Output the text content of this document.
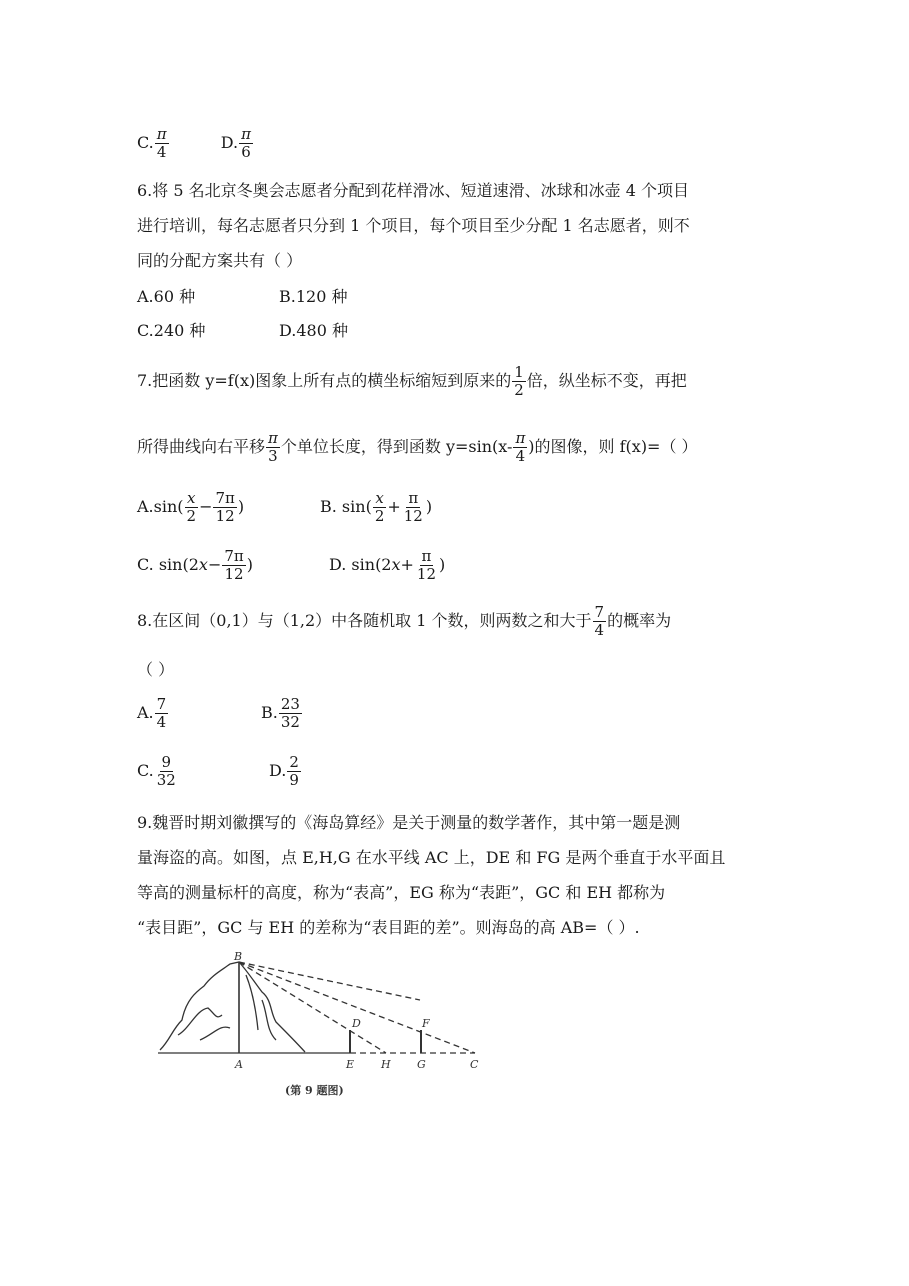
C. $\frac{\pi}{4}$	D. $\frac{\pi}{6}$
6.将 5 名北京冬奥会志愿者分配到花样滑冰、短道速滑、冰球和冰壶 4 个项目
进行培训，每名志愿者只分到 1 个项目，每个项目至少分配 1 名志愿者，则不
同的分配方案共有（ ）
A.60 种	B.120 种
C.240 种	D.480 种
7.把函数 y=f(x)图象上所有点的横坐标缩短到原来的 $\frac{1}{2}$ 倍，纵坐标不变，再把
所得曲线向右平移 $\frac{\pi}{3}$ 个单位长度，得到函数 $y=\sin(x- \frac{\pi}{4}$ )的图像，则 f(x)=（ ）
$A.\sin( \frac{x}{2} - \frac{7\pi}{12}$ )	B. $\sin( \frac{x}{2} + \frac{\pi}{12}$ )
C. $\sin(2x- \frac{7\pi}{12}$ )	D. $\sin(2x+ \frac{\pi}{12}$ )
8.在区间（0,1）与（1,2）中各随机取 1 个数，则两数之和大于 $\frac{7}{4}$ 的概率为
（ ）
A. $\frac{7}{4}$	B. $\frac{23}{32}$
C. $\frac{9}{32}$	D. $\frac{2}{9}$
9.魏晋时期刘徽撰写的《海岛算经》是关于测量的数学著作，其中第一题是测
量海盗的高。如图，点 E,H,G 在水平线 AC 上，DE 和 FG 是两个垂直于水平面且
等高的测量标杆的高度，称为“表高”，EG 称为“表距”，GC 和 EH 都称为
“表目距”，GC 与 EH 的差称为“表目距的差”。则海岛的高 AB=（ ）.
B
D	F
A	E H G	C
(第 9 题图)
